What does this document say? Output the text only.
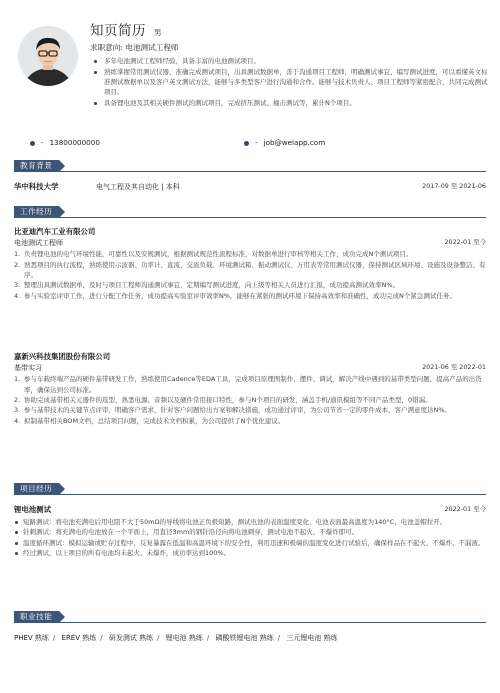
知页简历 男
求职意向: 电池测试工程师
多年电池测试工程师经验，具备丰富的电池测试项目。
熟练掌握常用测试仪器，准确完成测试项目，出具测试数据单，善于沟通项目工程师，明确测试事宜、编写测试进度，可以看懂英文标准测试数据单以及客户英文测试方法，能够与多类型客户进行沟通和合作。能够与技术负责人、项目工程师等紧密配合，共同完成测试项目。
具备锂电池及其相关硬件测试的测试项目，完成挤压测试、撞击测试等，累计N个项目。
- 13800000000	- job@weiapp.com
教育背景
华中科技大学	电气工程及其自动化 | 本科	2017-09 至 2021-06
工作经历
比亚迪汽车工业有限公司
电池测试工程师	2022-01 至今
1. 负责锂电池的电气环境性能，可靠性以及安规测试，根据测试规范性流程标准，对数据单进行审核等相关工作，成功完成N个测试项目。
2. 熟悉项目的执行流程，熟练使用示波器、功率计、直流、交流负载、环境测试箱、振动测试仪、万用表等常用测试仪器，保持测试区域环境、设施及设备整洁、有序。
3. 整理出具测试数据单，及时与项目工程师沟通测试事宜，定期编写测试进度，向上级等相关人员进行汇报，成功提高测试效率N%。
4. 参与实验室评审工作，进行分配工作任务，成功提高实验室评审效率N%，能够在紧张的测试环境下保持高效率和准确性，成功完成N个紧急测试任务。
嘉新兴科技集团股份有限公司
基带实习	2021-06 至 2022-01
1. 参与车载终端产品的硬件基带研发工作，熟练使用Cadence等EDA工具，完成项目原理图制作、摆件、调试，解决产线中遇到的基带类型问题，提高产品的出货率，确保达到公司标准。
2. 协助完成基带相关元器件的选型，熟悉电源、音频以及硬件常用接口特性，参与N个项目的研发，涵盖手机/通讯模组等不同产品类型，0错漏。
3. 参与基带技术的关键节点评审，明确客户需求，针对客户问题给出方案和解决措施，成功通过评审，为公司节省一定的零件成本，客户满意度达N%。
4. 拟制基带相关BOM文档，总结项目问题，完成技术文档积累，为公司提供了N个优化建议。
项目经历
锂电池测试	2022-01 至今
短路测试：将电池充满电后用电阻不大于50mΩ的导线将电池正负极短路，测试电池的表面温度变化，电池表面最高温度为140°C，电池盖帽拉开。
针刺测试：将充满电的电池放在一个平面上，用直径3mm的钢针沿径向将电池刺穿，测试电池不起火、不爆炸即可。
温度循环测试：模拟运输或贮存过程中，反复暴露在低温和高温环境下的安全性，利用迅速和极端的温度变化进行试验后，确保样品在不起火、不爆炸、不漏液。
经过测试，以上项目的所有电池均未起火、未爆炸，成功率达到100%。
职业技能
PHEV 熟练 / EREV 熟练 / 研发测试 熟练 / 锂电池 熟练 / 磷酸铁锂电池 熟练 / 三元锂电池 熟练
